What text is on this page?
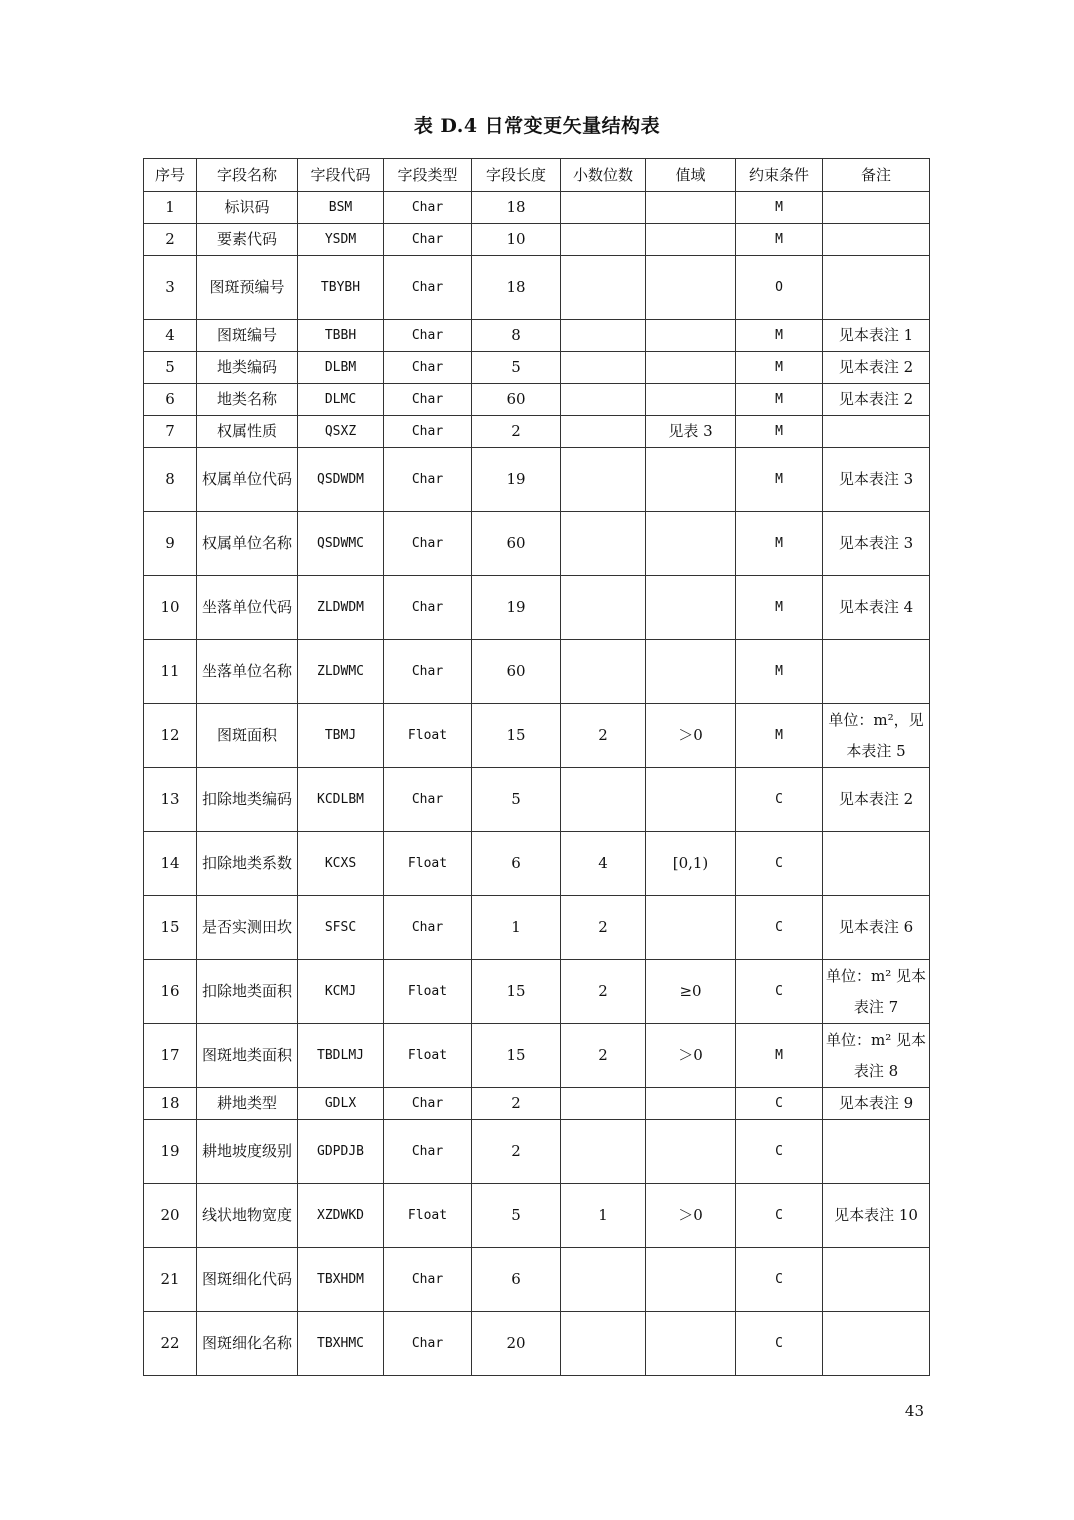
表 D.4 日常变更矢量结构表
序号	字段名称	字段代码	字段类型	字段长度	小数位数	值域	约束条件	备注
1	标识码	BSM	Char	18			M	
2	要素代码	YSDM	Char	10			M	
3	图斑预编号	TBYBH	Char	18			O	
4	图斑编号	TBBH	Char	8			M	见本表注 1
5	地类编码	DLBM	Char	5			M	见本表注 2
6	地类名称	DLMC	Char	60			M	见本表注 2
7	权属性质	QSXZ	Char	2		见表 3	M	
8	权属单位代码	QSDWDM	Char	19			M	见本表注 3
9	权属单位名称	QSDWMC	Char	60			M	见本表注 3
10	坐落单位代码	ZLDWDM	Char	19			M	见本表注 4
11	坐落单位名称	ZLDWMC	Char	60			M	
12	图斑面积	TBMJ	Float	15	2	＞0	M	单位：m²，见本表注 5
13	扣除地类编码	KCDLBM	Char	5			C	见本表注 2
14	扣除地类系数	KCXS	Float	6	4	[0,1)	C	
15	是否实测田坎	SFSC	Char	1	2		C	见本表注 6
16	扣除地类面积	KCMJ	Float	15	2	≥0	C	单位：m² 见本表注 7
17	图斑地类面积	TBDLMJ	Float	15	2	＞0	M	单位：m² 见本表注 8
18	耕地类型	GDLX	Char	2			C	见本表注 9
19	耕地坡度级别	GDPDJB	Char	2			C	
20	线状地物宽度	XZDWKD	Float	5	1	＞0	C	见本表注 10
21	图斑细化代码	TBXHDM	Char	6			C	
22	图斑细化名称	TBXHMC	Char	20			C	
43
